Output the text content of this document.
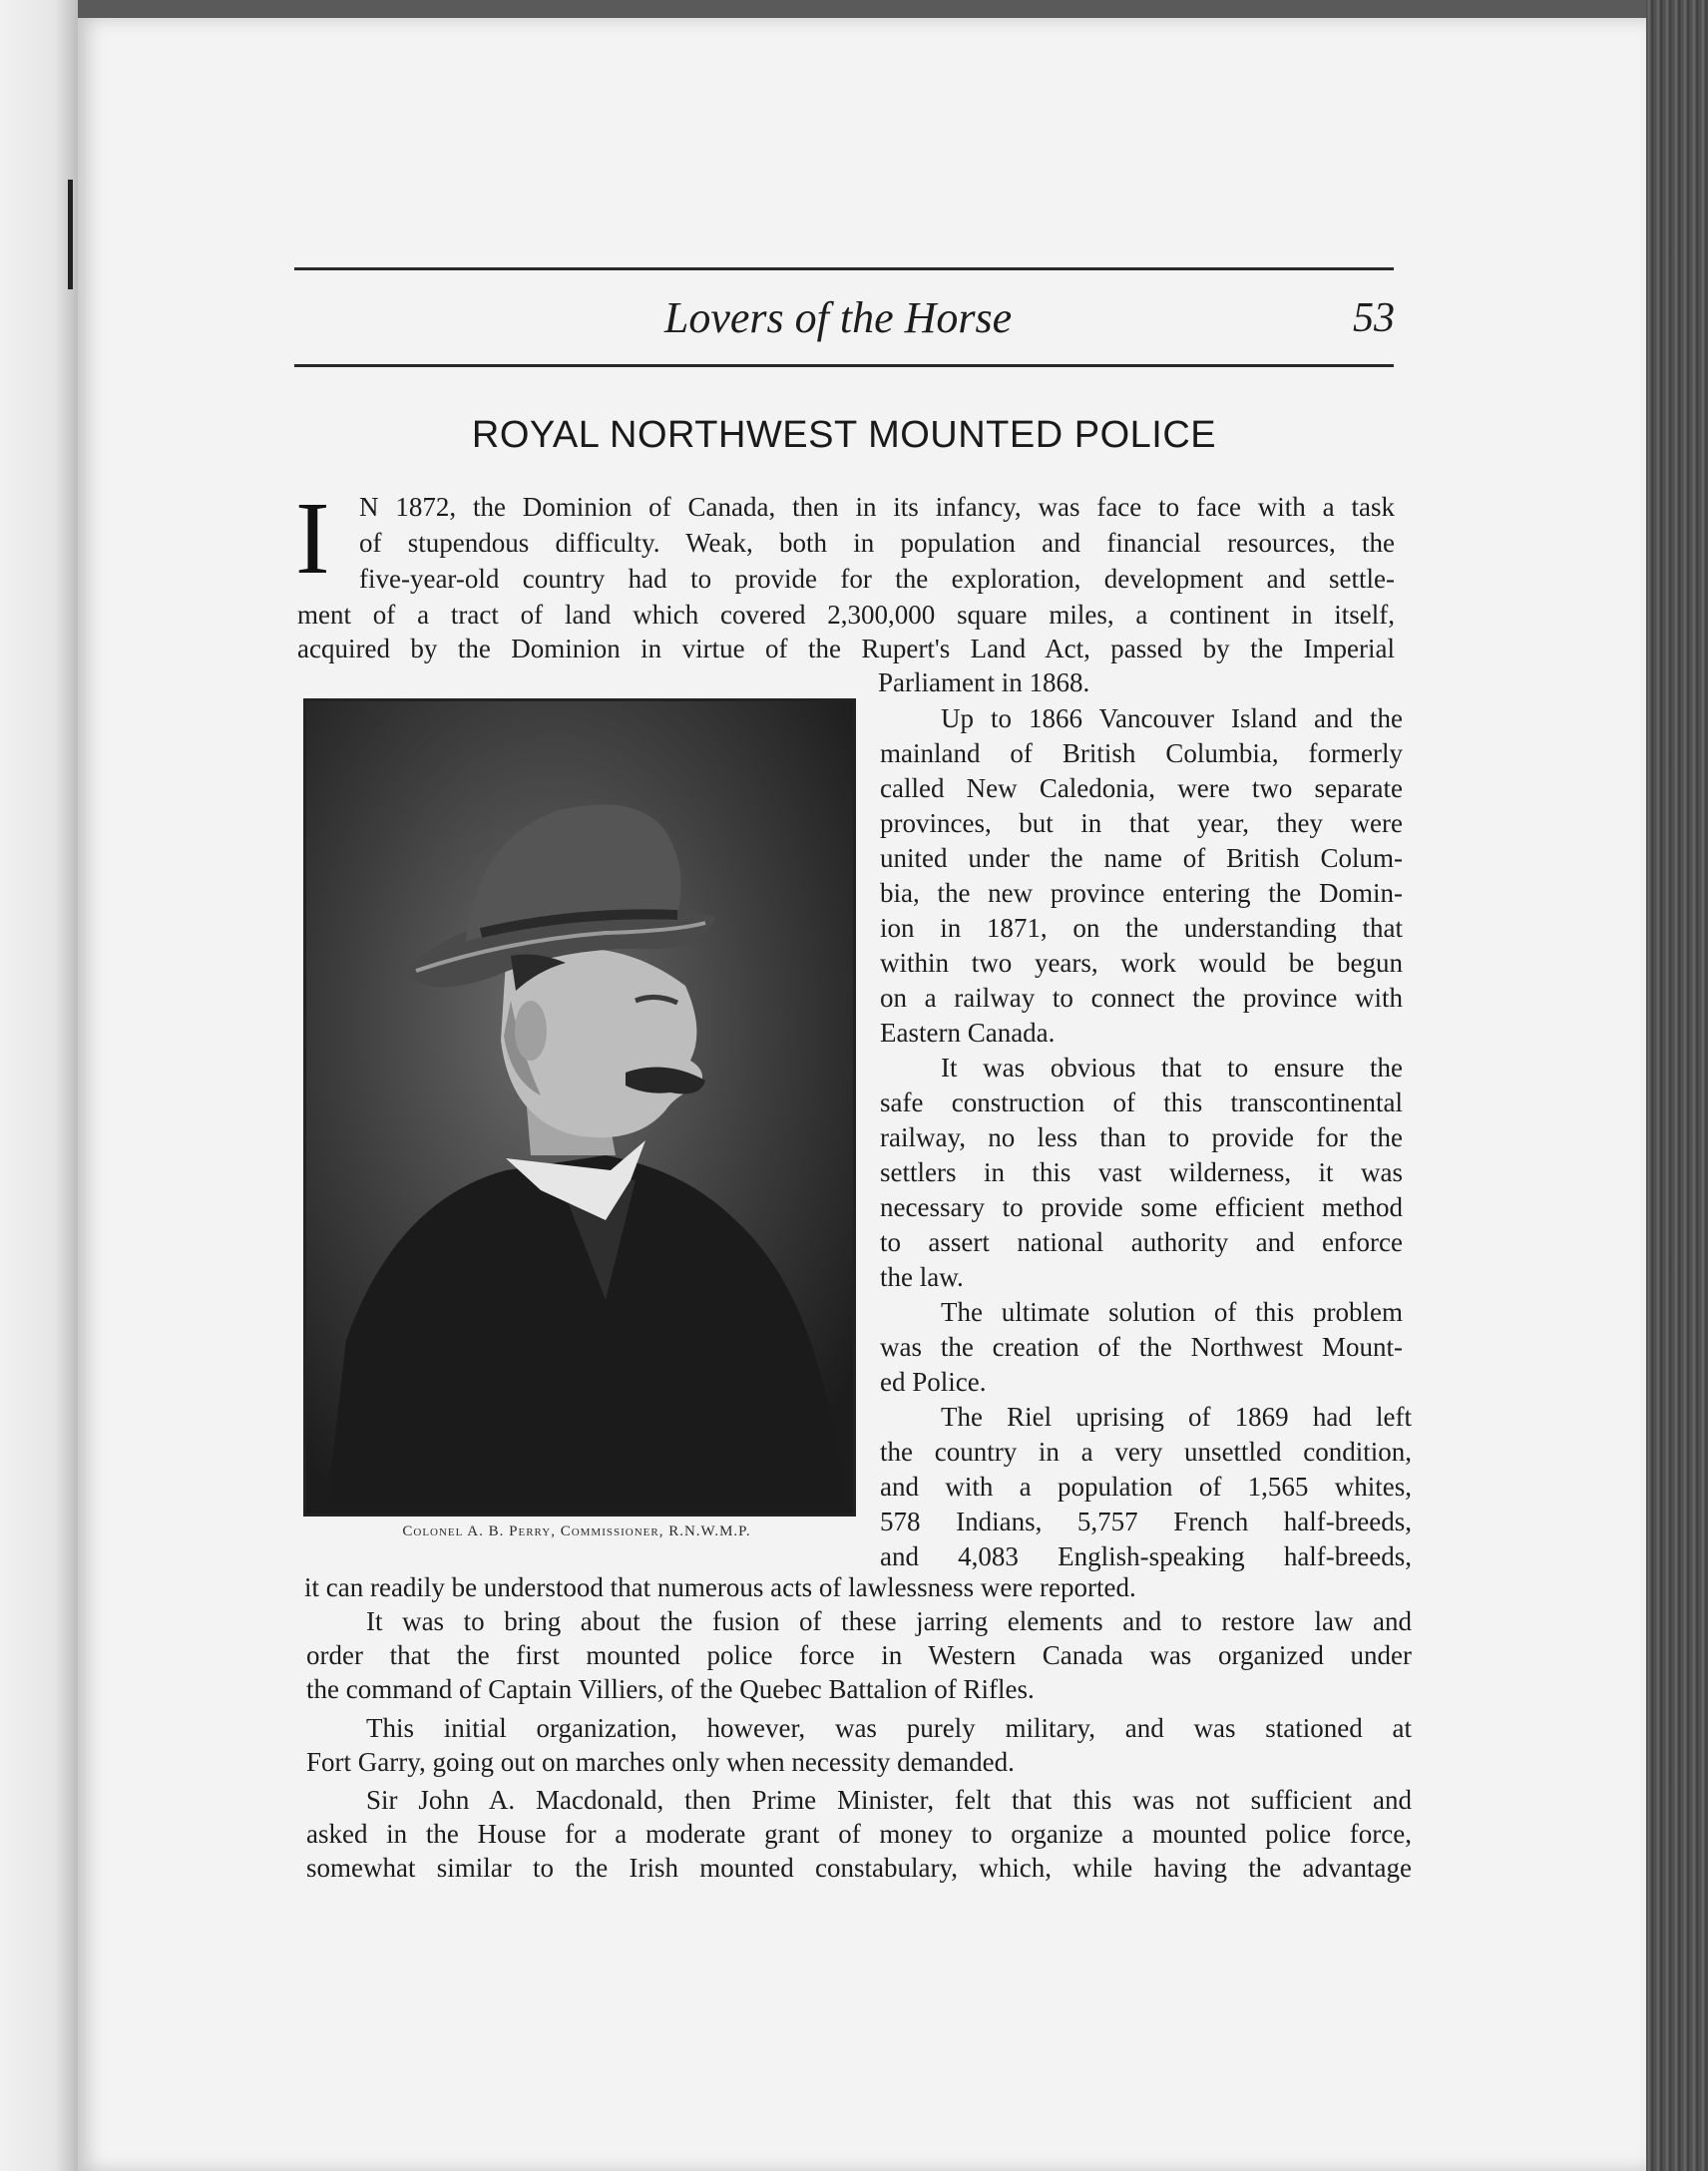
Lovers of the Horse	53
ROYAL NORTHWEST MOUNTED POLICE
I	N 1872, the Dominion of Canada, then in its infancy, was face to face with a task
of stupendous difficulty. Weak, both in population and financial resources, the
five-year-old country had to provide for the exploration, development and settle-
ment of a tract of land which covered 2,300,000 square miles, a continent in itself,
acquired by the Dominion in virtue of the Rupert's Land Act, passed by the Imperial
Parliament in 1868.
Up to 1866 Vancouver Island and the
mainland of British Columbia, formerly
called New Caledonia, were two separate
provinces, but in that year, they were
united under the name of British Colum-
bia, the new province entering the Domin-
ion in 1871, on the understanding that
within two years, work would be begun
on a railway to connect the province with
Eastern Canada.
It was obvious that to ensure the
safe construction of this transcontinental
railway, no less than to provide for the
settlers in this vast wilderness, it was
necessary to provide some efficient method
to assert national authority and enforce
the law.
The ultimate solution of this problem
was the creation of the Northwest Mount-
ed Police.
The Riel uprising of 1869 had left
the country in a very unsettled condition,
and with a population of 1,565 whites,
578 Indians, 5,757 French half-breeds,
and 4,083 English-speaking half-breeds,
it can readily be understood that numerous acts of lawlessness were reported.
It was to bring about the fusion of these jarring elements and to restore law and
order that the first mounted police force in Western Canada was organized under
the command of Captain Villiers, of the Quebec Battalion of Rifles.
This initial organization, however, was purely military, and was stationed at
Fort Garry, going out on marches only when necessity demanded.
Sir John A. Macdonald, then Prime Minister, felt that this was not sufficient and
asked in the House for a moderate grant of money to organize a mounted police force,
somewhat similar to the Irish mounted constabulary, which, while having the advantage
Colonel A. B. Perry, Commissioner, R.N.W.M.P.
